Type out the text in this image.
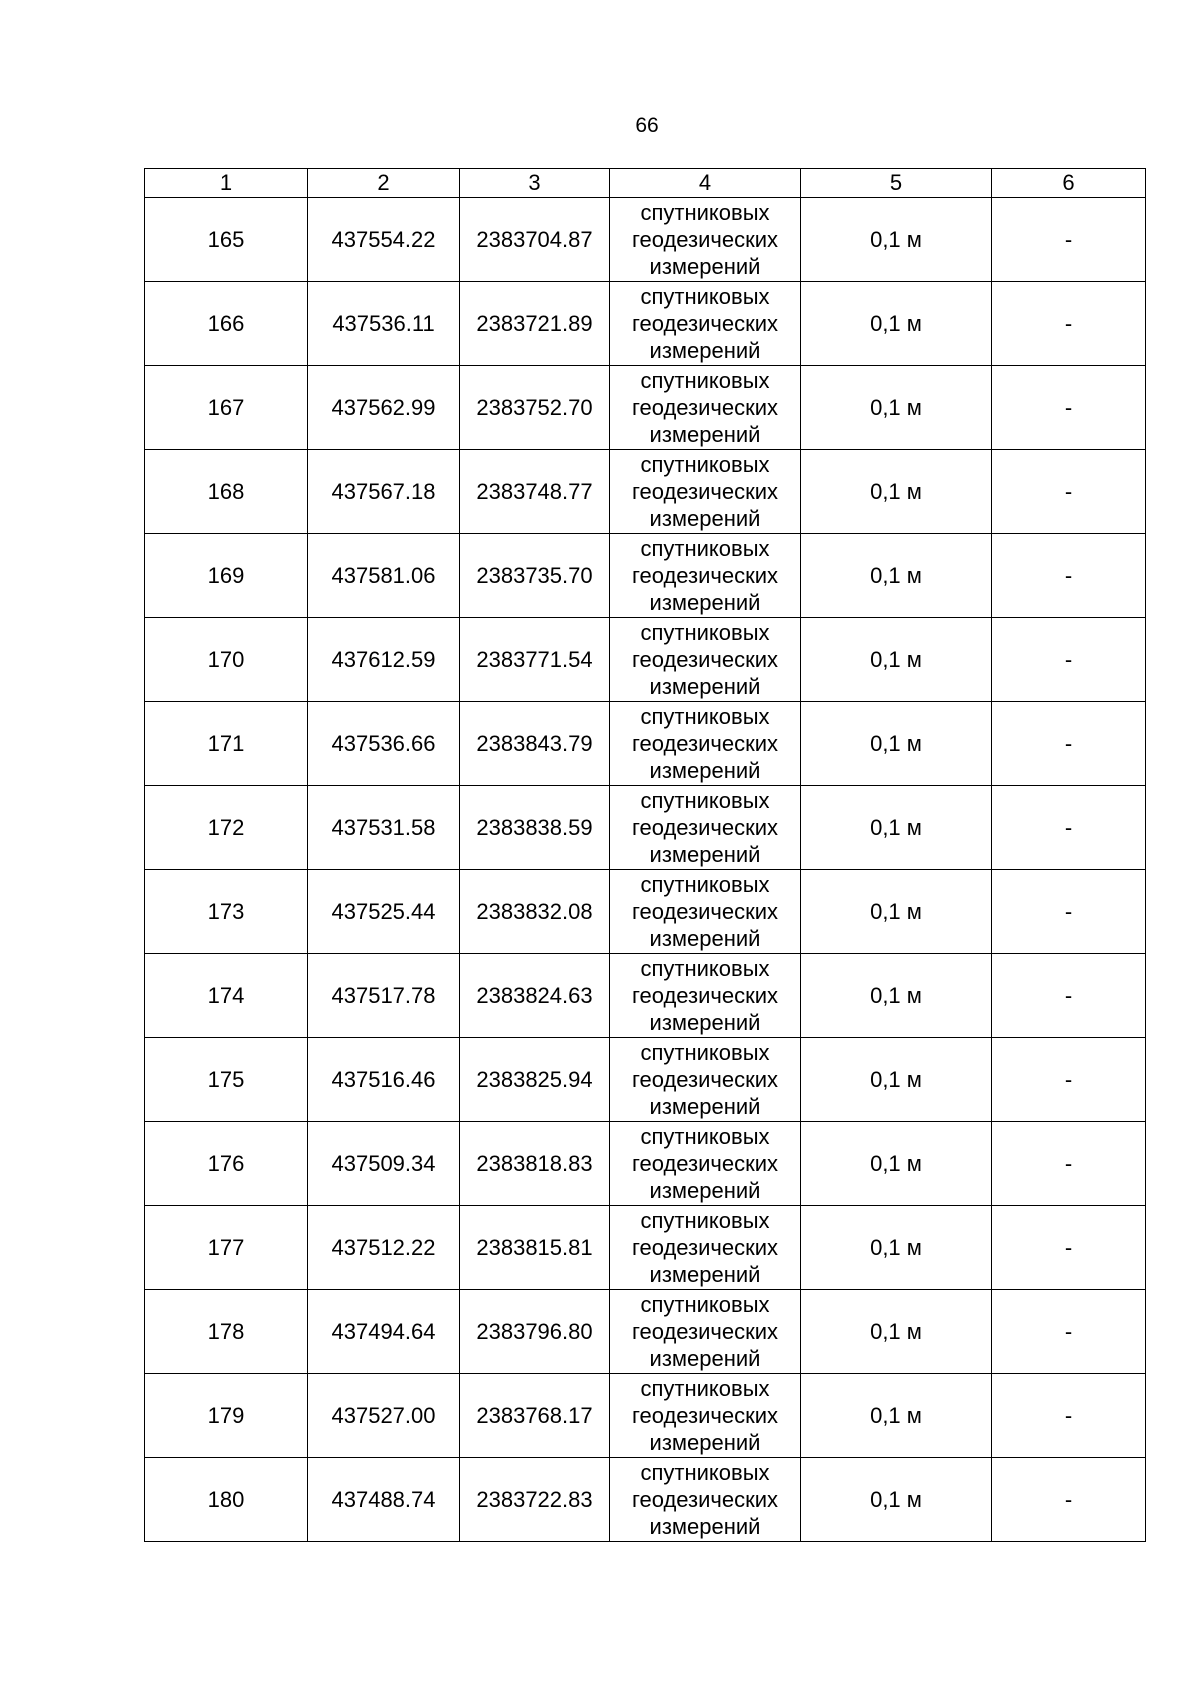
66
1	2	3	4	5	6
165	437554.22	2383704.87	спутниковых
геодезических
измерений	0,1 м	-
166	437536.11	2383721.89	спутниковых
геодезических
измерений	0,1 м	-
167	437562.99	2383752.70	спутниковых
геодезических
измерений	0,1 м	-
168	437567.18	2383748.77	спутниковых
геодезических
измерений	0,1 м	-
169	437581.06	2383735.70	спутниковых
геодезических
измерений	0,1 м	-
170	437612.59	2383771.54	спутниковых
геодезических
измерений	0,1 м	-
171	437536.66	2383843.79	спутниковых
геодезических
измерений	0,1 м	-
172	437531.58	2383838.59	спутниковых
геодезических
измерений	0,1 м	-
173	437525.44	2383832.08	спутниковых
геодезических
измерений	0,1 м	-
174	437517.78	2383824.63	спутниковых
геодезических
измерений	0,1 м	-
175	437516.46	2383825.94	спутниковых
геодезических
измерений	0,1 м	-
176	437509.34	2383818.83	спутниковых
геодезических
измерений	0,1 м	-
177	437512.22	2383815.81	спутниковых
геодезических
измерений	0,1 м	-
178	437494.64	2383796.80	спутниковых
геодезических
измерений	0,1 м	-
179	437527.00	2383768.17	спутниковых
геодезических
измерений	0,1 м	-
180	437488.74	2383722.83	спутниковых
геодезических
измерений	0,1 м	-
